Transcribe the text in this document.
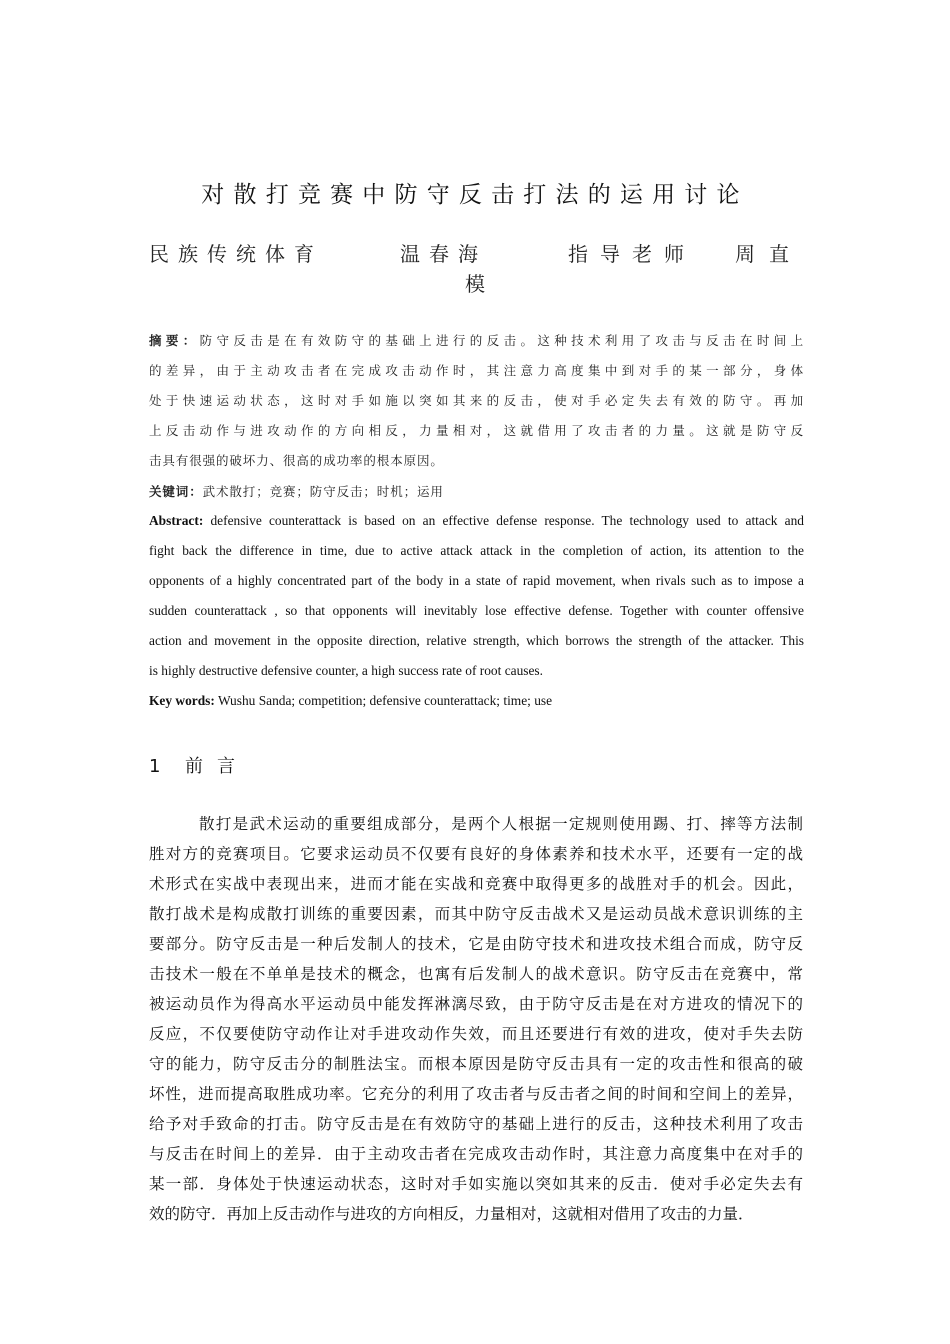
对散打竞赛中防守反击打法的运用讨论
民族传统体育	温春海	指导老师 周直
模
摘要：防守反击是在有效防守的基础上进行的反击。这种技术利用了攻击与反击在时间上
的差异，由于主动攻击者在完成攻击动作时，其注意力高度集中到对手的某一部分，身体
处于快速运动状态，这时对手如施以突如其来的反击，使对手必定失去有效的防守。再加
上反击动作与进攻动作的方向相反，力量相对，这就借用了攻击者的力量。这就是防守反
击具有很强的破坏力、很高的成功率的根本原因。
关键词：武术散打；竞赛；防守反击；时机；运用
Abstract: defensive counterattack is based on an effective defense response. The technology used to attack and
fight back the difference in time, due to active attack attack in the completion of action, its attention to the
opponents of a highly concentrated part of the body in a state of rapid movement, when rivals such as to impose a
sudden counterattack , so that opponents will inevitably lose effective defense. Together with counter offensive
action and movement in the opposite direction, relative strength, which borrows the strength of the attacker. This
is highly destructive defensive counter, a high success rate of root causes.
Key words: Wushu Sanda; competition; defensive counterattack; time; use
1 前言
散打是武术运动的重要组成部分，是两个人根据一定规则使用踢、打、摔等方法制
胜对方的竞赛项目。它要求运动员不仅要有良好的身体素养和技术水平，还要有一定的战
术形式在实战中表现出来，进而才能在实战和竞赛中取得更多的战胜对手的机会。因此，
散打战术是构成散打训练的重要因素，而其中防守反击战术又是运动员战术意识训练的主
要部分。防守反击是一种后发制人的技术，它是由防守技术和进攻技术组合而成，防守反
击技术一般在不单单是技术的概念，也寓有后发制人的战术意识。防守反击在竞赛中，常
被运动员作为得高水平运动员中能发挥淋漓尽致，由于防守反击是在对方进攻的情况下的
反应，不仅要使防守动作让对手进攻动作失效，而且还要进行有效的进攻，使对手失去防
守的能力，防守反击分的制胜法宝。而根本原因是防守反击具有一定的攻击性和很高的破
坏性，进而提高取胜成功率。它充分的利用了攻击者与反击者之间的时间和空间上的差异，
给予对手致命的打击。防守反击是在有效防守的基础上进行的反击，这种技术利用了攻击
与反击在时间上的差异．由于主动攻击者在完成攻击动作时，其注意力高度集中在对手的
某一部．身体处于快速运动状态，这时对手如实施以突如其来的反击．使对手必定失去有
效的防守．再加上反击动作与进攻的方向相反，力量相对，这就相对借用了攻击的力量．
